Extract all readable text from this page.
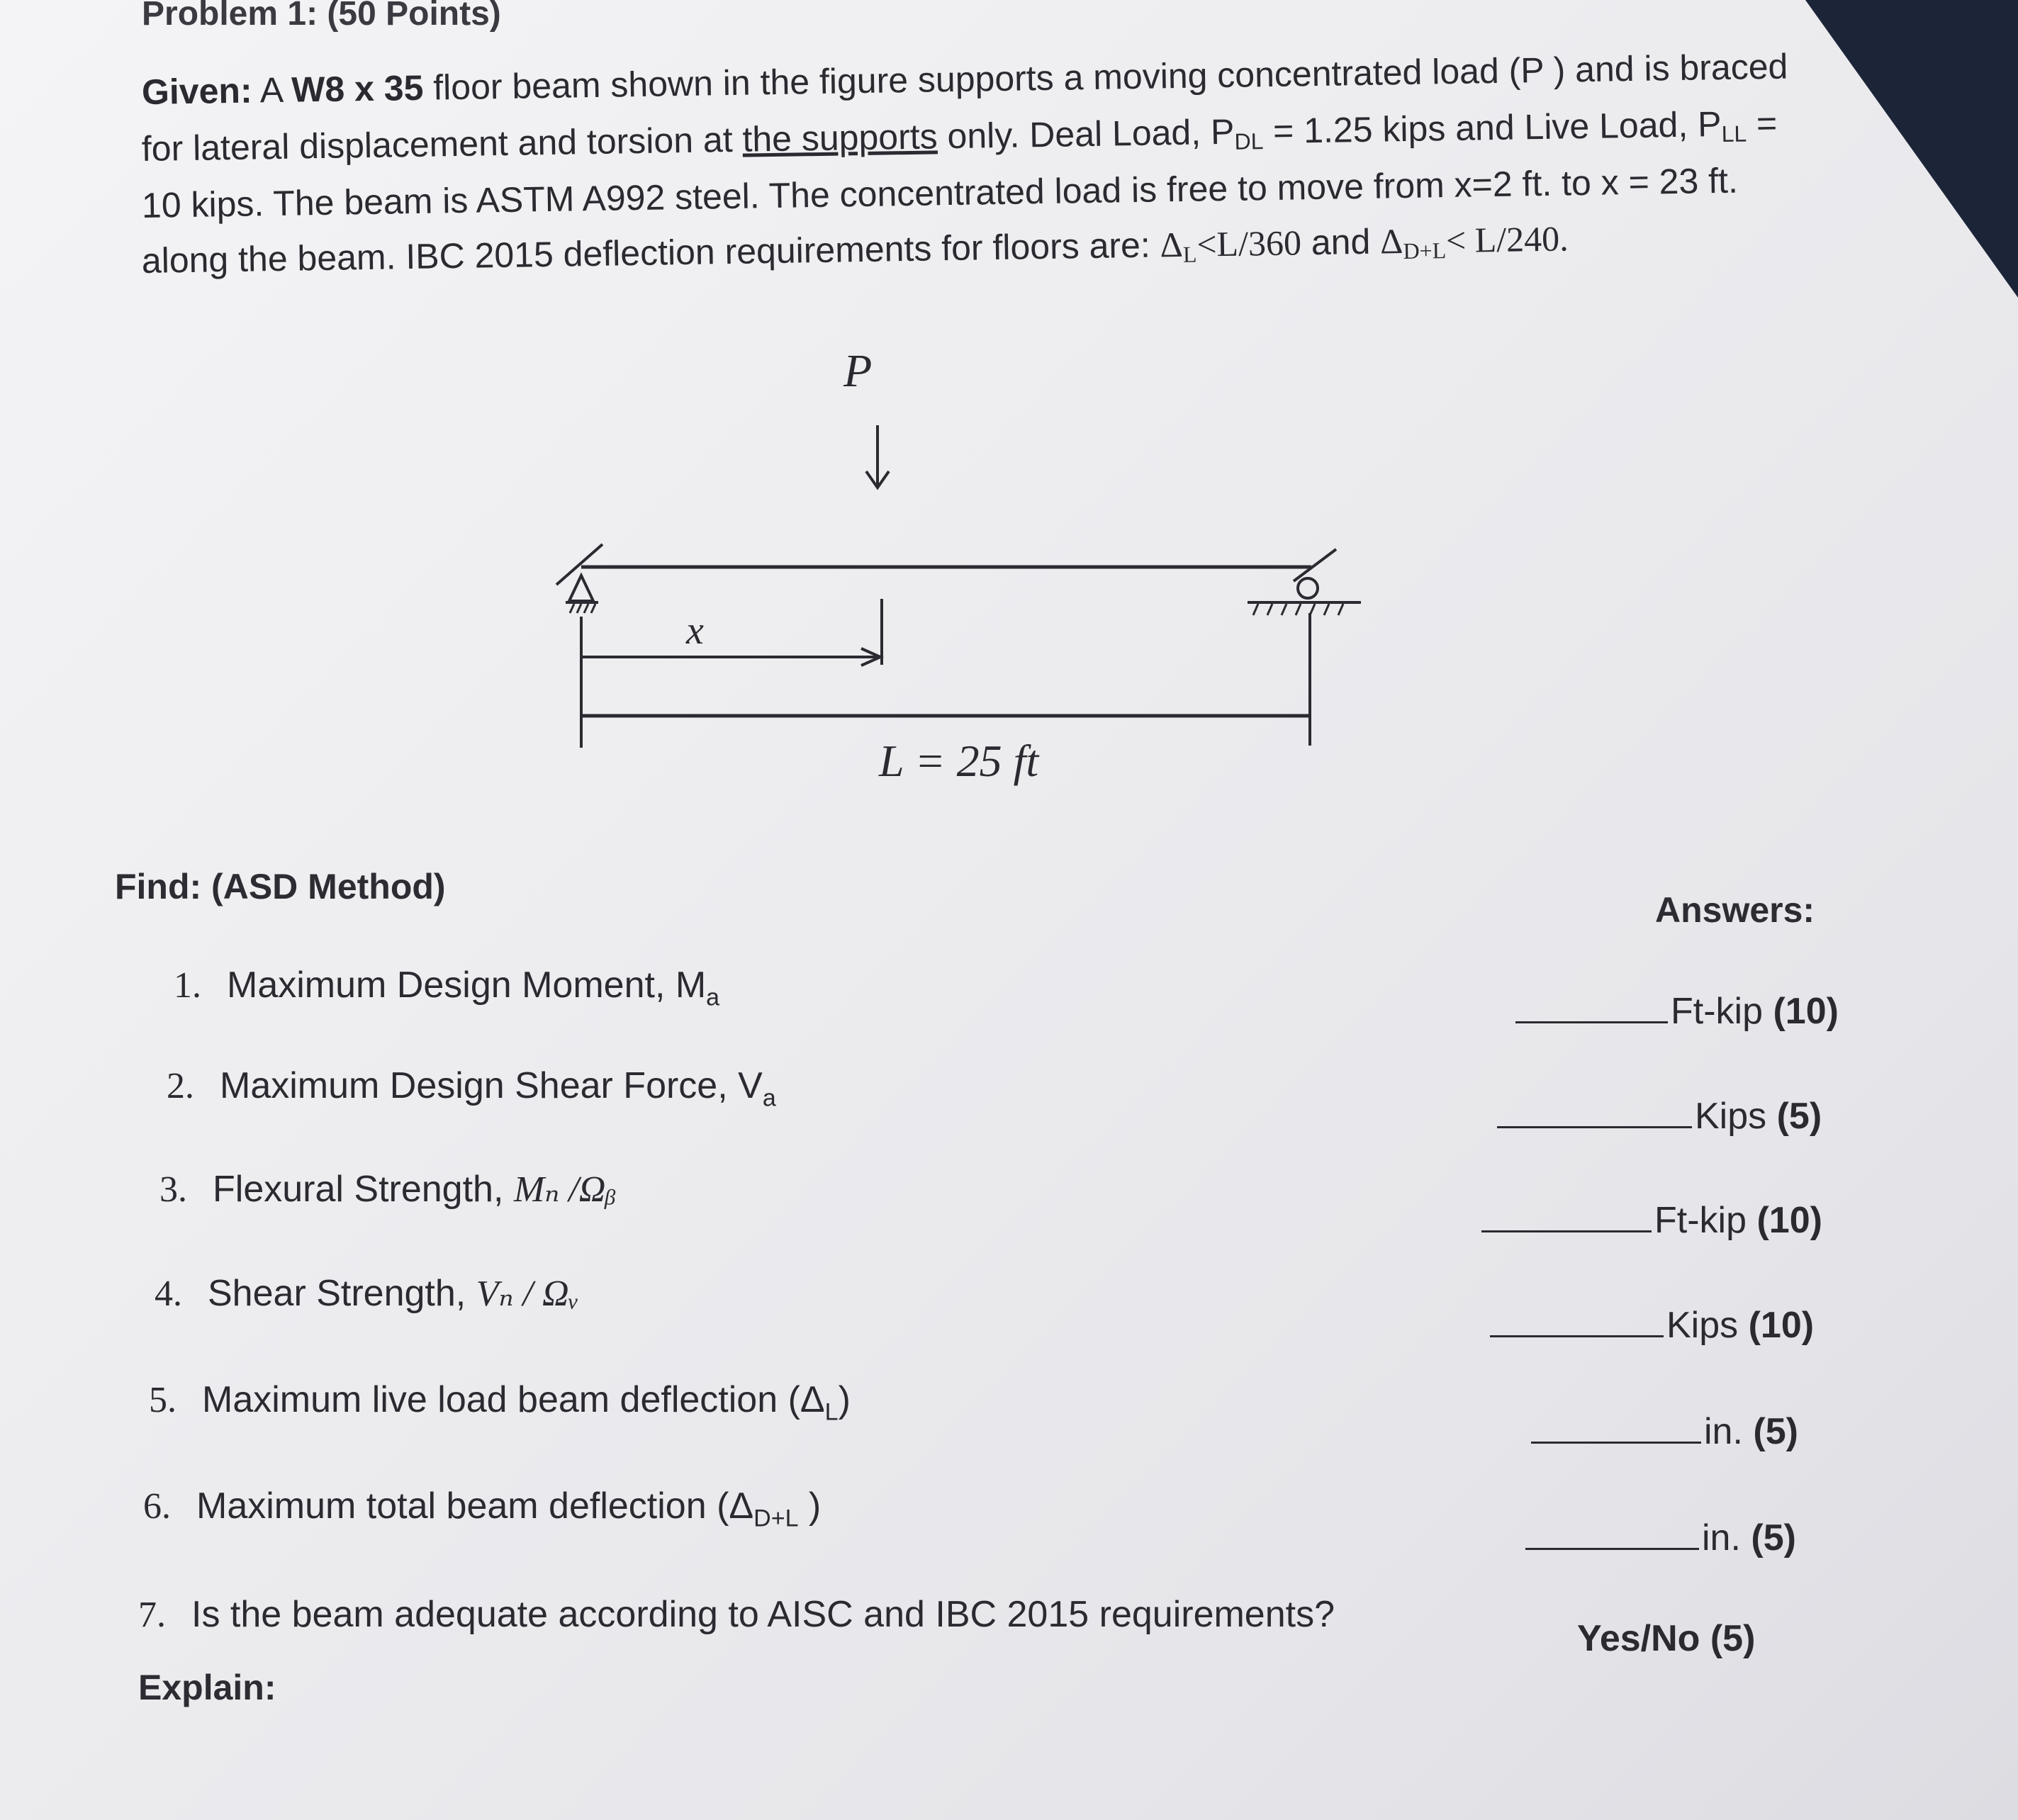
Problem 1: (50 Points)
Given: A W8 x 35 floor beam shown in the figure supports a moving concentrated load (P ) and is braced
for lateral displacement and torsion at the supports only. Deal Load, $P_{DL} = 1.25$ kips and Live Load, $P_{LL}$ =
10 kips. The beam is ASTM A992 steel. The concentrated load is free to move from x=2 ft. to x = 23 ft.
along the beam. IBC 2015 deflection requirements for floors are: $\Delta_L<L/360$ and $\Delta_{D+L}< L/240$.
P
x
L = 25 ft
Find: (ASD Method)
Answers:
1. Maximum Design Moment, $M_a$
2. Maximum Design Shear Force, $V_a$
3. Flexural Strength, Mₙ /Ωᵦ
4. Shear Strength, Vₙ / Ωᵥ
5. Maximum live load beam deflection $(\Delta_L)$
6. Maximum total beam deflection ($\Delta_{D+L}$ )
7. Is the beam adequate according to AISC and IBC 2015 requirements?
Explain:
Ft-kip (10)
Kips (5)
Ft-kip (10)
Kips (10)
in. (5)
in. (5)
Yes/No (5)
